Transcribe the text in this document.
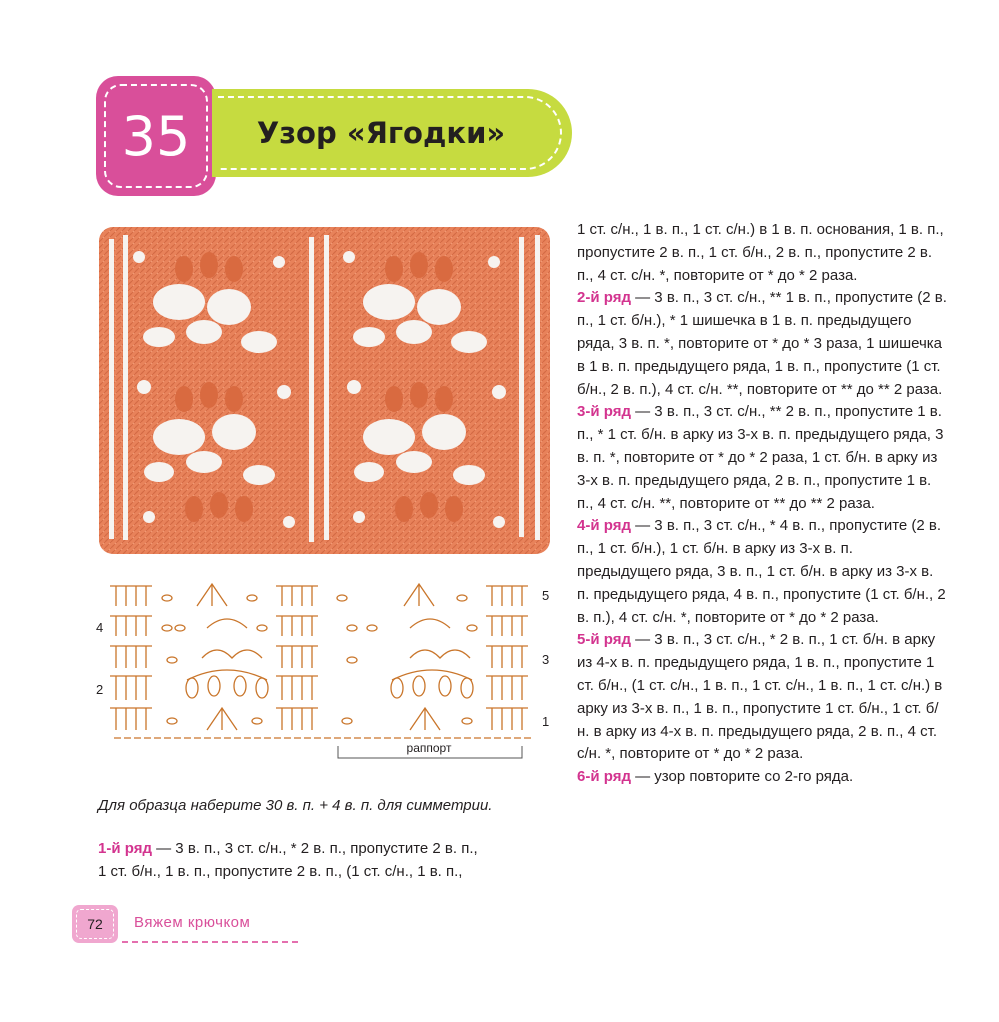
35	Узор «Ягодки»
5
4
3
2
1
раппорт
Для образца наберите 30 в. п. + 4 в. п. для симметрии.

1-й ряд — 3 в. п., 3 ст. с/н., * 2 в. п., пропустите 2 в. п.,

1 ст. б/н., 1 в. п., пропустите 2 в. п., (1 ст. с/н., 1 в. п.,

1 ст. с/н., 1 в. п., 1 ст. с/н.) в 1 в. п. основания, 1 в. п., пропустите 2 в. п., 1 ст. б/н., 2 в. п., пропустите 2 в. п., 4 ст. с/н. *, повторите от * до * 2 раза.

2-й ряд — 3 в. п., 3 ст. с/н., ** 1 в. п., пропустите (2 в. п., 1 ст. б/н.), * 1 шишечка в 1 в. п. предыдущего ряда, 3 в. п. *, повторите от * до * 3 раза, 1 шишечка в 1 в. п. предыдущего ряда, 1 в. п., пропустите (1 ст. б/н., 2 в. п.), 4 ст. с/н. **, повторите от ** до ** 2 раза.

3-й ряд — 3 в. п., 3 ст. с/н., ** 2 в. п., пропустите 1 в. п., * 1 ст. б/н. в арку из 3-х в. п. предыдущего ряда, 3 в. п. *, повторите от * до * 2 раза, 1 ст. б/н. в арку из 3-х в. п. предыдущего ряда, 2 в. п., пропустите 1 в. п., 4 ст. с/н. **, повторите от ** до ** 2 раза.

4-й ряд — 3 в. п., 3 ст. с/н., * 4 в. п., пропустите (2 в. п., 1 ст. б/н.), 1 ст. б/н. в арку из 3-х в. п. предыдущего ряда, 3 в. п., 1 ст. б/н. в арку из 3-х в. п. предыдущего ряда, 4 в. п., пропустите (1 ст. б/н., 2 в. п.), 4 ст. с/н. *, повторите от * до * 2 раза.

5-й ряд — 3 в. п., 3 ст. с/н., * 2 в. п., 1 ст. б/н. в арку из 4-х в. п. предыдущего ряда, 1 в. п., пропустите 1 ст. б/н., (1 ст. с/н., 1 в. п., 1 ст. с/н., 1 в. п., 1 ст. с/н.) в арку из 3-х в. п., 1 в. п., пропустите 1 ст. б/н., 1 ст. б/н. в арку из 4-х в. п. предыдущего ряда, 2 в. п., 4 ст. с/н. *, повторите от * до * 2 раза.

6-й ряд — узор повторите со 2-го ряда.

72	Вяжем крючком
